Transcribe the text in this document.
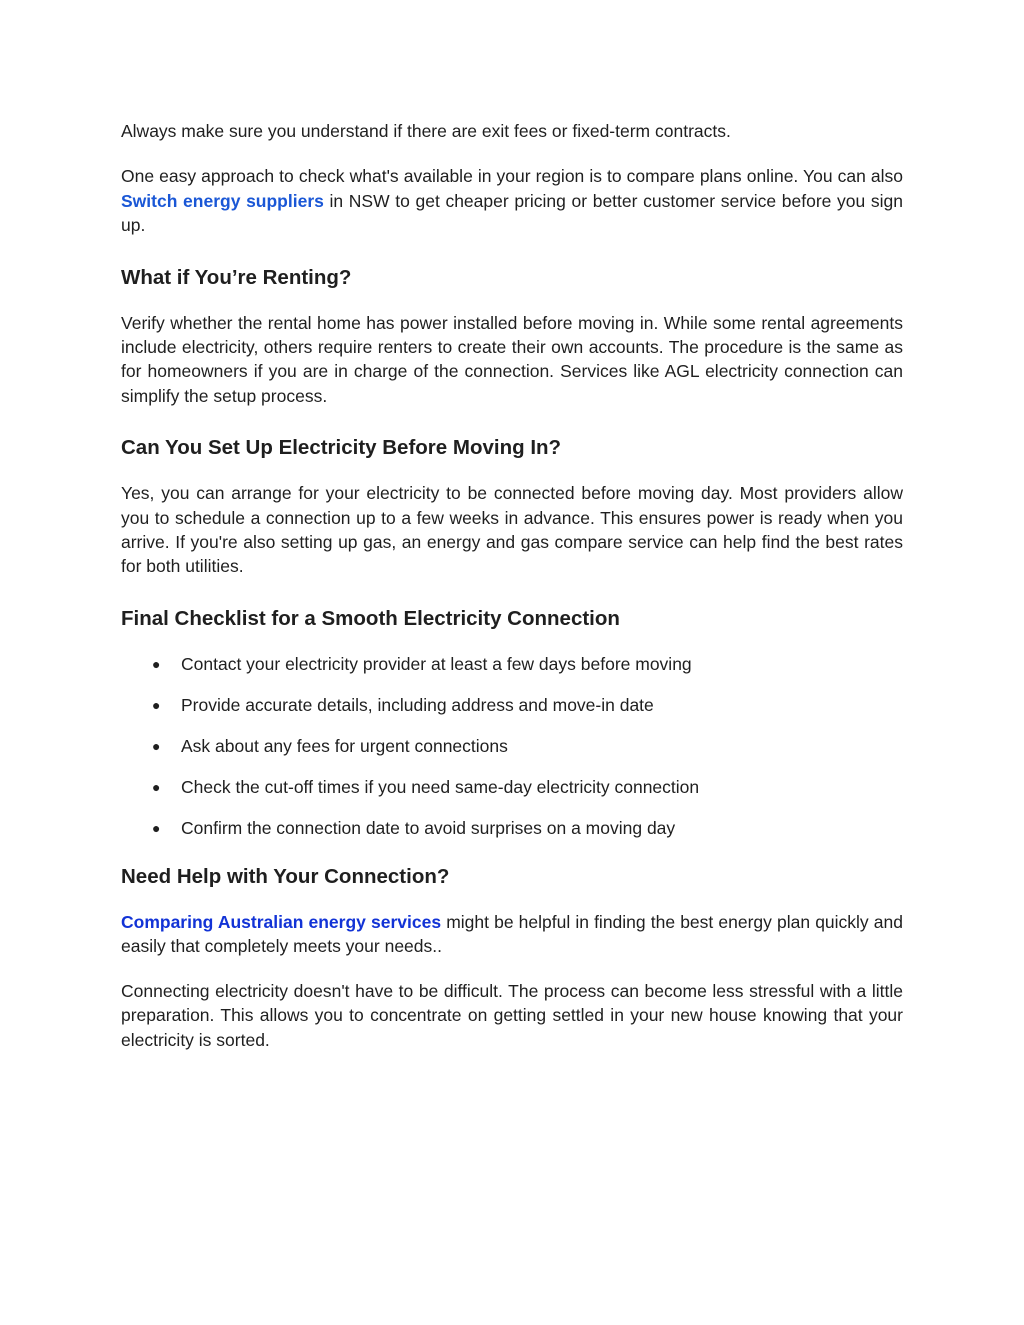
Always make sure you understand if there are exit fees or fixed-term contracts.

One easy approach to check what's available in your region is to compare plans online. You can also Switch energy suppliers in NSW to get cheaper pricing or better customer service before you sign up.

What if You’re Renting?

Verify whether the rental home has power installed before moving in. While some rental agreements include electricity, others require renters to create their own accounts. The procedure is the same as for homeowners if you are in charge of the connection. Services like AGL electricity connection can simplify the setup process.

Can You Set Up Electricity Before Moving In?

Yes, you can arrange for your electricity to be connected before moving day. Most providers allow you to schedule a connection up to a few weeks in advance. This ensures power is ready when you arrive. If you're also setting up gas, an energy and gas compare service can help find the best rates for both utilities.

Final Checklist for a Smooth Electricity Connection
● Contact your electricity provider at least a few days before moving
● Provide accurate details, including address and move-in date
● Ask about any fees for urgent connections
● Check the cut-off times if you need same-day electricity connection
● Confirm the connection date to avoid surprises on a moving day
Need Help with Your Connection?

Comparing Australian energy services might be helpful in finding the best energy plan quickly and easily that completely meets your needs..

Connecting electricity doesn't have to be difficult. The process can become less stressful with a little preparation. This allows you to concentrate on getting settled in your new house knowing that your electricity is sorted.
